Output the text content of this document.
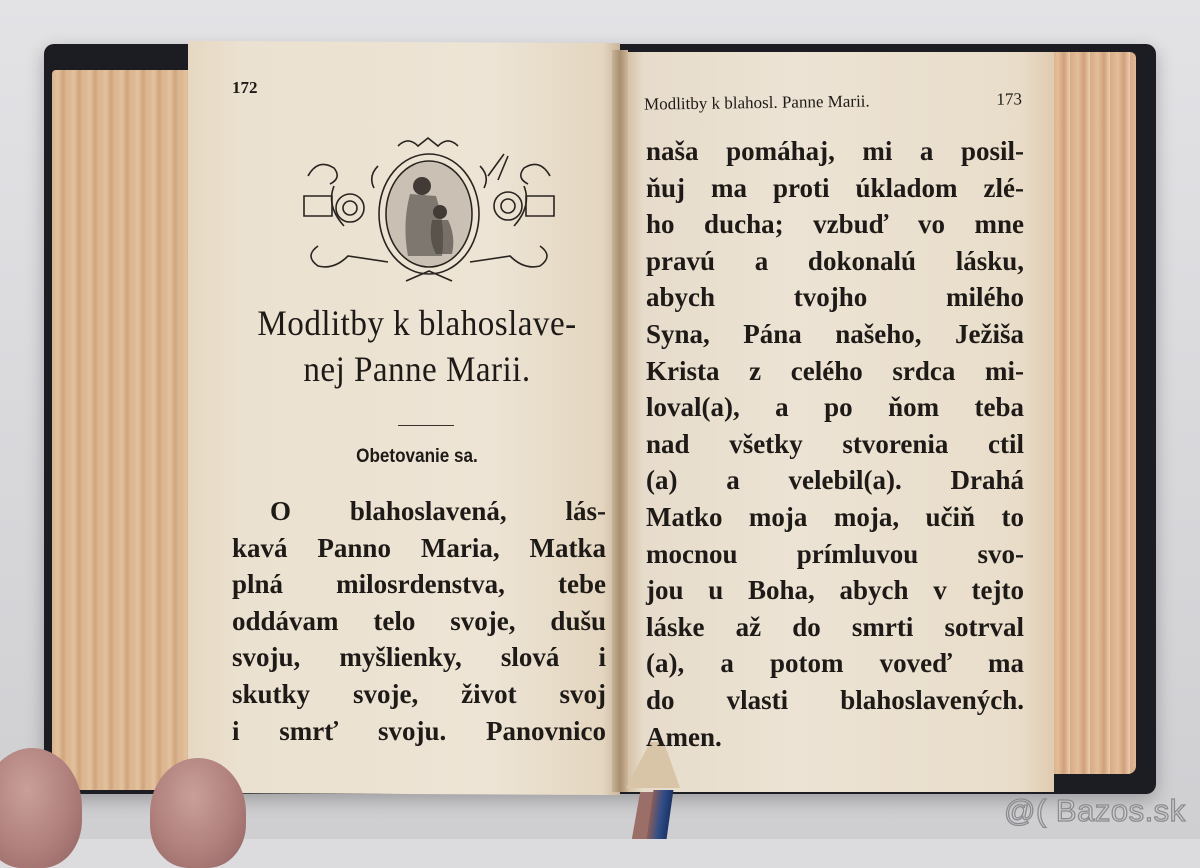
172
Modlitby k blahoslave-
nej Panne Marii.
Obetovanie sa.
O blahoslavená, lás-
kavá Panno Maria, Matka
plná milosrdenstva, tebe
oddávam telo svoje, dušu
svoju, myšlienky, slová i
skutky svoje, život svoj
i smrť svoju. Panovnico
Modlitby k blahosl. Panne Marii.	173
naša pomáhaj, mi a posil-
ňuj ma proti úkladom zlé-
ho ducha; vzbuď vo mne
pravú a dokonalú lásku,
abych tvojho milého
Syna, Pána našeho, Ježiša
Krista z celého srdca mi-
loval(a), a po ňom teba
nad všetky stvorenia ctil
(a) a velebil(a). Drahá
Matko moja moja, učiň to
mocnou prímluvou svo-
jou u Boha, abych v tejto
láske až do smrti sotrval
(a), a potom voveď ma
do vlasti blahoslavených.
Amen.
@( Bazos.sk
